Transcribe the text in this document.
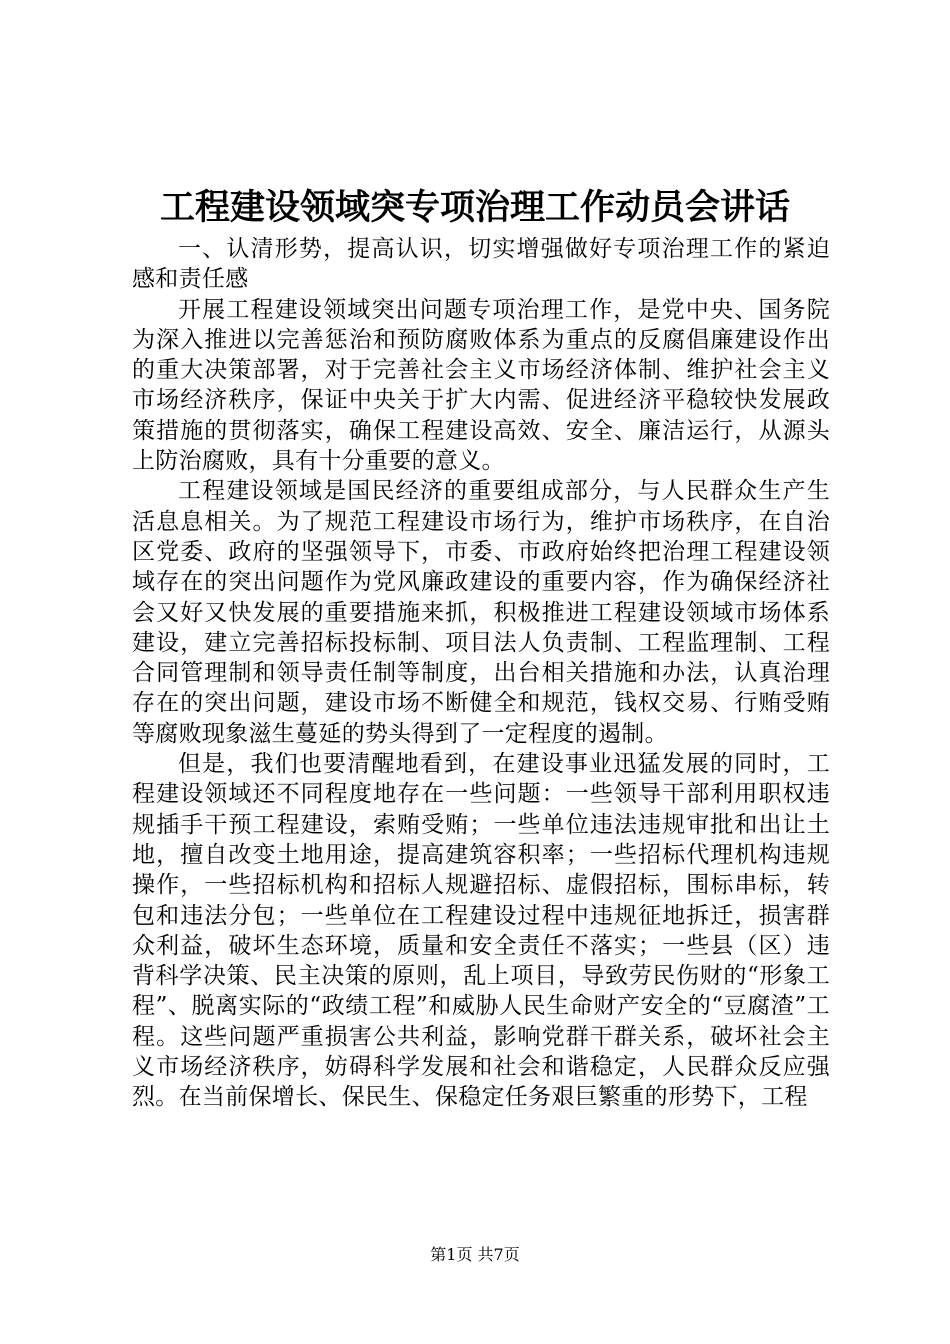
工程建设领域突专项治理工作动员会讲话

一、认清形势，提高认识，切实增强做好专项治理工作的紧迫感和责任感

开展工程建设领域突出问题专项治理工作，是党中央、国务院为深入推进以完善惩治和预防腐败体系为重点的反腐倡廉建设作出的重大决策部署，对于完善社会主义市场经济体制、维护社会主义市场经济秩序，保证中央关于扩大内需、促进经济平稳较快发展政策措施的贯彻落实，确保工程建设高效、安全、廉洁运行，从源头上防治腐败，具有十分重要的意义。

工程建设领域是国民经济的重要组成部分，与人民群众生产生活息息相关。为了规范工程建设市场行为，维护市场秩序，在自治区党委、政府的坚强领导下，市委、市政府始终把治理工程建设领域存在的突出问题作为党风廉政建设的重要内容，作为确保经济社会又好又快发展的重要措施来抓，积极推进工程建设领域市场体系建设，建立完善招标投标制、项目法人负责制、工程监理制、工程合同管理制和领导责任制等制度，出台相关措施和办法，认真治理存在的突出问题，建设市场不断健全和规范，钱权交易、行贿受贿等腐败现象滋生蔓延的势头得到了一定程度的遏制。

但是，我们也要清醒地看到，在建设事业迅猛发展的同时，工程建设领域还不同程度地存在一些问题：一些领导干部利用职权违规插手干预工程建设，索贿受贿；一些单位违法违规审批和出让土地，擅自改变土地用途，提高建筑容积率；一些招标代理机构违规操作，一些招标机构和招标人规避招标、虚假招标，围标串标，转包和违法分包；一些单位在工程建设过程中违规征地拆迁，损害群众利益，破坏生态环境，质量和安全责任不落实；一些县（区）违背科学决策、民主决策的原则，乱上项目，导致劳民伤财的“形象工程”、脱离实际的“政绩工程”和威胁人民生命财产安全的“豆腐渣”工程。这些问题严重损害公共利益，影响党群干群关系，破坏社会主义市场经济秩序，妨碍科学发展和社会和谐稳定，人民群众反应强烈。在当前保增长、保民生、保稳定任务艰巨繁重的形势下，工程

第1页 共7页
